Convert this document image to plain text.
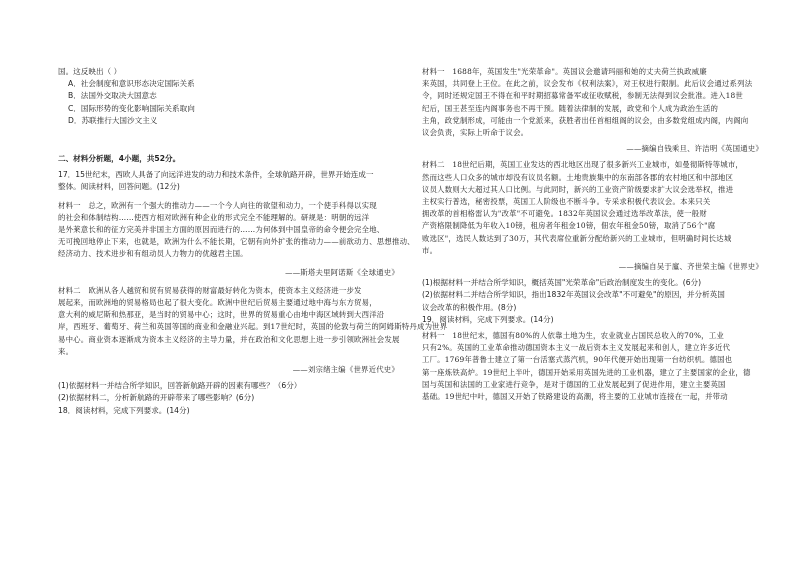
国。这反映出（ ）
A．社会制度和意识形态决定国际关系
B．法国外交取决大国意志
C．国际形势的变化影响国际关系取向
D．苏联推行大国沙文主义
二、材料分析题，4小题，共52分。
17．15世纪末，西欧人具备了向远洋进发的动力和技术条件，全球航路开辟，世界开始连成一
整体。阅读材料，回答问题。(12分)
材料一　总之，欧洲有一个强大的推动力——一个今人向往的欲望和动力，一个使手科得以实现
的社会和体制结构……使西方相对欧洲有种企业的形式完全不能理解的。研规是：明朝的远洋
是外莱意长和的征方完美并非国主方面的原因而进行的……为何体到中国皇帝的命令便会完全地、
无可挽回地停止下来，也就是，欧洲为什么不能长期，它朝有向外扩张的推动力——前欲动力、思想推动、
经济动力、技术进步和有组动员人力物力的优越君主国。
——斯塔夫里阿诺斯《全球通史》
材料二　欧洲从各人越贸和贸有贸易获得的财富最好转化为资本，使资本主义经济进一步发
展起来，而欧洲地的贸易格局也起了很大变化。欧洲中世纪后贸易主要通过地中海与东方贸易，
意大利的威尼斯和热那亚，是当时的贸易中心；这时，世界的贸易重心由地中海区域转到大西洋沿
岸，西班牙、葡萄牙、荷兰和英国等国的商业和金融业兴起。到17世纪时，英国的伦敦与荷兰的阿姆斯特丹成为世界
易中心。商业资本逐渐成为资本主义经济的主导力量，并在政治和文化思想上进一步引领欧洲社会发展
来。
——刘宗绪主编《世界近代史》
(1)依据材料一并结合所学知识，回答新航路开辟的因素有哪些？（6分）
(2)依据材料二，分析新航路的开辟带来了哪些影响？(6分)
18．阅读材料，完成下列要求。(14分)
材料一　1688年，英国发生"光荣革命"。英国议会邀请玛丽和她的丈夫荷兰执政威廉
来英国，共同登上王位。在此之前，议会发布《权利法案》，对王权进行限制。此后议会通过系列法
令，同时还规定国王不得在和平时期招募常备军或征收赋税，参制无法得到议会批准。进入18世
纪后，国王甚至连内阁事务也不再干预。随着法律制的发展，政党和个人成为政治生活的
主角，政党制形成，可能由一个党派来，获胜者出任首相组阁的议会，由多数党组成内阁，内阁向
议会负责，实际上听命于议会。
——摘编自钱乘旦、许洁明《英国通史》
材料二　18世纪后期，英国工业发达的西北地区出现了很多新兴工业城市，如曼彻斯特等城市，
然而这些人口众多的城市却没有议员名额。土地贵族集中的东南部各郡的农村地区和中部地区
议员人数则大大超过其人口比例。与此同时，新兴的工业资产阶级要求扩大议会选举权，推进
主权实行普选，秘密投票，英国工人阶级也不断斗争。专采求积极代表议会。本来只关
拥改革的首相格雷认为"改革"不可避免。1832年英国议会通过选举改革法，使一般财
产资格限制降低为年收入10镑，租房者年租金10镑，佃农年租金50镑，取消了56个"腐
败选区"，选民人数达到了30万，其代表席位重新分配给新兴的工业城市，但明确时间长达城
市。
——摘编自吴于廑、齐世荣主编《世界史》
(1)根据材料一并结合所学知识，概括英国"光荣革命"后政治制度发生的变化。(6分)
(2)依据材料二并结合所学知识，指出1832年英国议会改革"不可避免"的原因，并分析英国
议会改革的积极作用。(8分)
19．阅读材料，完成下列要求。(14分)
材料一　18世纪末，德国有80%的人依靠土地为生，农业就业占国民总收入的70%，工业
只有2%。英国的工业革命推动德国资本主义一战后资本主义发展起来和创人，建立许多近代
工厂。1769年普鲁士建立了第一台活塞式蒸汽机，90年代便开始出现第一台纺织机。德国也
第一座炼铁高炉。19世纪上半叶，德国开始采用英国先进的工业机器，建立了主要国家的企业，德
国与英国和法国的工业家进行竞争，是对于德国的工业发展起到了促进作用，建立主要英国
基础。19世纪中叶，德国又开始了铁路建设的高潮，将主要的工业城市连接在一起，并带动
